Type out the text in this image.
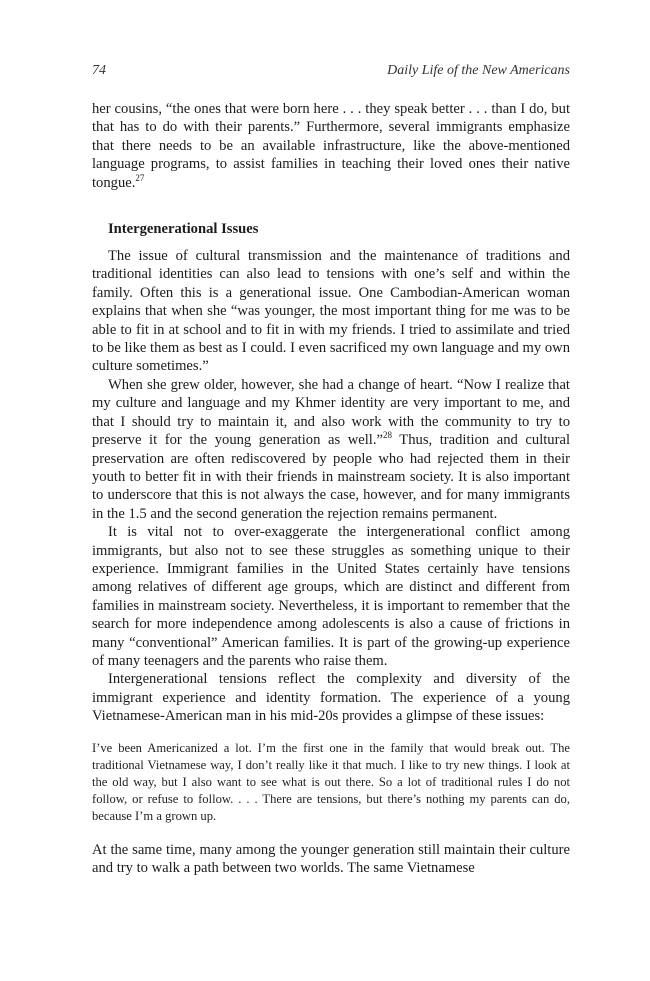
74	Daily Life of the New Americans

her cousins, “the ones that were born here . . . they speak better . . . than I do, but that has to do with their parents.” Furthermore, several immigrants emphasize that there needs to be an available infrastructure, like the above-mentioned language programs, to assist families in teaching their loved ones their native tongue.$^{27}$

Intergenerational Issues

The issue of cultural transmission and the maintenance of traditions and traditional identities can also lead to tensions with one’s self and within the family. Often this is a generational issue. One Cambodian-American woman explains that when she “was younger, the most important thing for me was to be able to fit in at school and to fit in with my friends. I tried to assimilate and tried to be like them as best as I could. I even sacrificed my own language and my own culture sometimes.”

When she grew older, however, she had a change of heart. “Now I realize that my culture and language and my Khmer identity are very important to me, and that I should try to maintain it, and also work with the community to try to preserve it for the young generation as well.”$^{28}$ Thus, tradition and cultural preservation are often rediscovered by people who had rejected them in their youth to better fit in with their friends in mainstream society. It is also important to underscore that this is not always the case, however, and for many immigrants in the 1.5 and the second generation the rejection remains permanent.

It is vital not to over-exaggerate the intergenerational conflict among immigrants, but also not to see these struggles as something unique to their experience. Immigrant families in the United States certainly have tensions among relatives of different age groups, which are distinct and different from families in mainstream society. Nevertheless, it is important to remember that the search for more independence among adolescents is also a cause of frictions in many “conventional” American families. It is part of the growing-up experience of many teenagers and the parents who raise them.

Intergenerational tensions reflect the complexity and diversity of the immigrant experience and identity formation. The experience of a young Vietnamese-American man in his mid-20s provides a glimpse of these issues:

I’ve been Americanized a lot. I’m the first one in the family that would break out. The traditional Vietnamese way, I don’t really like it that much. I like to try new things. I look at the old way, but I also want to see what is out there. So a lot of traditional rules I do not follow, or refuse to follow. . . . There are tensions, but there’s nothing my parents can do, because I’m a grown up.

At the same time, many among the younger generation still maintain their culture and try to walk a path between two worlds. The same Vietnamese
